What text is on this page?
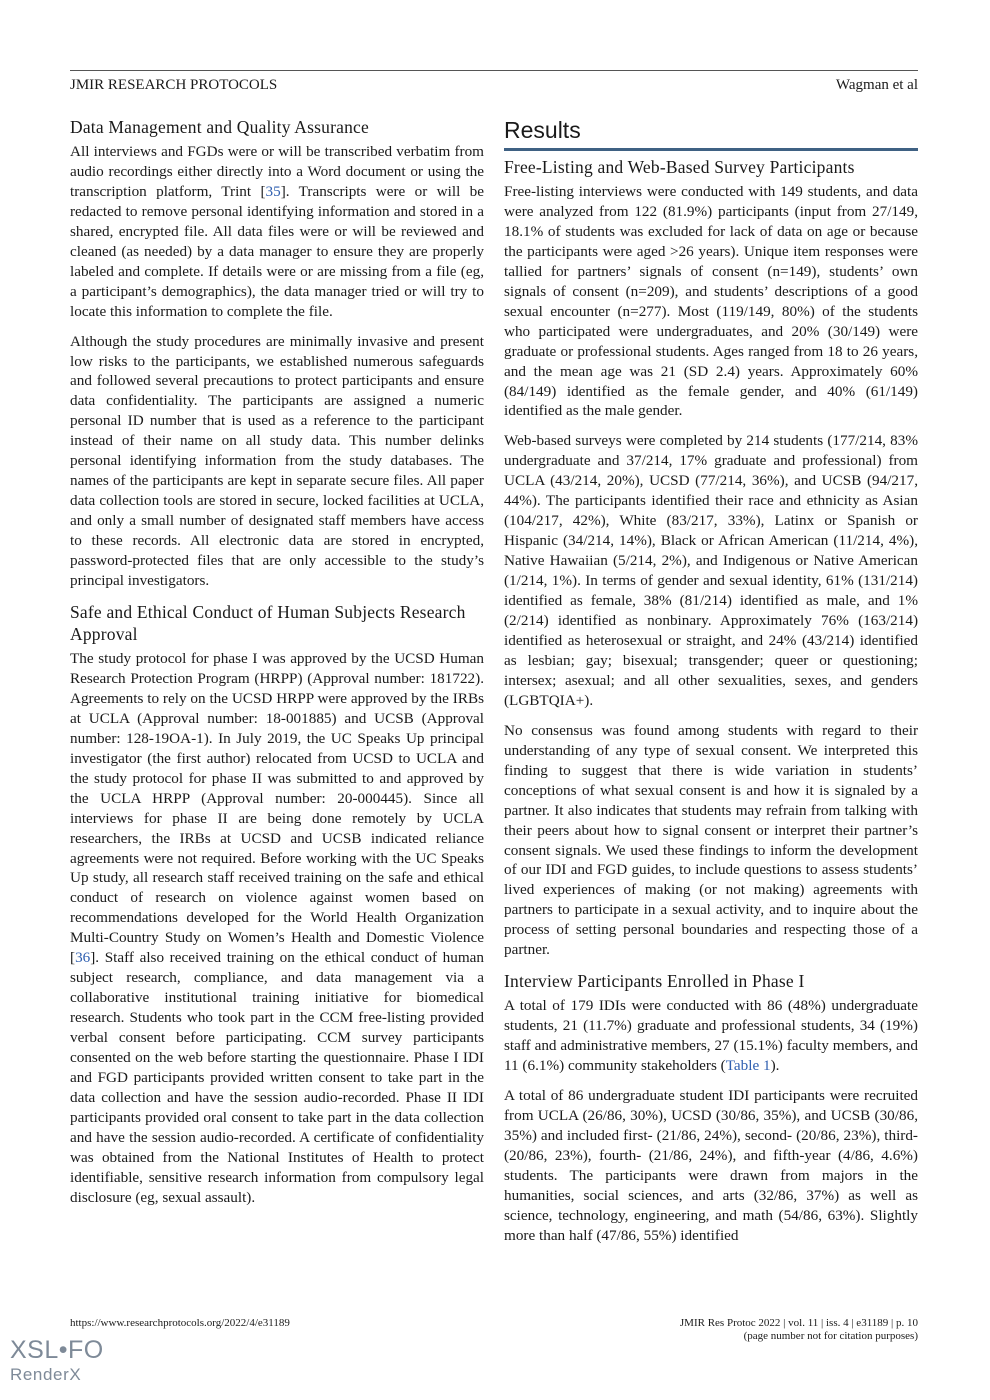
JMIR RESEARCH PROTOCOLS	Wagman et al
Data Management and Quality Assurance

All interviews and FGDs were or will be transcribed verbatim from audio recordings either directly into a Word document or using the transcription platform, Trint [35]. Transcripts were or will be redacted to remove personal identifying information and stored in a shared, encrypted file. All data files were or will be reviewed and cleaned (as needed) by a data manager to ensure they are properly labeled and complete. If details were or are missing from a file (eg, a participant’s demographics), the data manager tried or will try to locate this information to complete the file.

Although the study procedures are minimally invasive and present low risks to the participants, we established numerous safeguards and followed several precautions to protect participants and ensure data confidentiality. The participants are assigned a numeric personal ID number that is used as a reference to the participant instead of their name on all study data. This number delinks personal identifying information from the study databases. The names of the participants are kept in separate secure files. All paper data collection tools are stored in secure, locked facilities at UCLA, and only a small number of designated staff members have access to these records. All electronic data are stored in encrypted, password-protected files that are only accessible to the study’s principal investigators.

Safe and Ethical Conduct of Human Subjects Research Approval

The study protocol for phase I was approved by the UCSD Human Research Protection Program (HRPP) (Approval number: 181722). Agreements to rely on the UCSD HRPP were approved by the IRBs at UCLA (Approval number: 18-001885) and UCSB (Approval number: 128-19OA-1). In July 2019, the UC Speaks Up principal investigator (the first author) relocated from UCSD to UCLA and the study protocol for phase II was submitted to and approved by the UCLA HRPP (Approval number: 20-000445). Since all interviews for phase II are being done remotely by UCLA researchers, the IRBs at UCSD and UCSB indicated reliance agreements were not required. Before working with the UC Speaks Up study, all research staff received training on the safe and ethical conduct of research on violence against women based on recommendations developed for the World Health Organization Multi-Country Study on Women’s Health and Domestic Violence [36]. Staff also received training on the ethical conduct of human subject research, compliance, and data management via a collaborative institutional training initiative for biomedical research. Students who took part in the CCM free-listing provided verbal consent before participating. CCM survey participants consented on the web before starting the questionnaire. Phase I IDI and FGD participants provided written consent to take part in the data collection and have the session audio-recorded. Phase II IDI participants provided oral consent to take part in the data collection and have the session audio-recorded. A certificate of confidentiality was obtained from the National Institutes of Health to protect identifiable, sensitive research information from compulsory legal disclosure (eg, sexual assault).

Results
Free-Listing and Web-Based Survey Participants

Free-listing interviews were conducted with 149 students, and data were analyzed from 122 (81.9%) participants (input from 27/149, 18.1% of students was excluded for lack of data on age or because the participants were aged >26 years). Unique item responses were tallied for partners’ signals of consent (n=149), students’ own signals of consent (n=209), and students’ descriptions of a good sexual encounter (n=277). Most (119/149, 80%) of the students who participated were undergraduates, and 20% (30/149) were graduate or professional students. Ages ranged from 18 to 26 years, and the mean age was 21 (SD 2.4) years. Approximately 60% (84/149) identified as the female gender, and 40% (61/149) identified as the male gender.

Web-based surveys were completed by 214 students (177/214, 83% undergraduate and 37/214, 17% graduate and professional) from UCLA (43/214, 20%), UCSD (77/214, 36%), and UCSB (94/217, 44%). The participants identified their race and ethnicity as Asian (104/217, 42%), White (83/217, 33%), Latinx or Spanish or Hispanic (34/214, 14%), Black or African American (11/214, 4%), Native Hawaiian (5/214, 2%), and Indigenous or Native American (1/214, 1%). In terms of gender and sexual identity, 61% (131/214) identified as female, 38% (81/214) identified as male, and 1% (2/214) identified as nonbinary. Approximately 76% (163/214) identified as heterosexual or straight, and 24% (43/214) identified as lesbian; gay; bisexual; transgender; queer or questioning; intersex; asexual; and all other sexualities, sexes, and genders (LGBTQIA+).

No consensus was found among students with regard to their understanding of any type of sexual consent. We interpreted this finding to suggest that there is wide variation in students’ conceptions of what sexual consent is and how it is signaled by a partner. It also indicates that students may refrain from talking with their peers about how to signal consent or interpret their partner’s consent signals. We used these findings to inform the development of our IDI and FGD guides, to include questions to assess students’ lived experiences of making (or not making) agreements with partners to participate in a sexual activity, and to inquire about the process of setting personal boundaries and respecting those of a partner.

Interview Participants Enrolled in Phase I

A total of 179 IDIs were conducted with 86 (48%) undergraduate students, 21 (11.7%) graduate and professional students, 34 (19%) staff and administrative members, 27 (15.1%) faculty members, and 11 (6.1%) community stakeholders (Table 1).

A total of 86 undergraduate student IDI participants were recruited from UCLA (26/86, 30%), UCSD (30/86, 35%), and UCSB (30/86, 35%) and included first- (21/86, 24%), second- (20/86, 23%), third- (20/86, 23%), fourth- (21/86, 24%), and fifth-year (4/86, 4.6%) students. The participants were drawn from majors in the humanities, social sciences, and arts (32/86, 37%) as well as science, technology, engineering, and math (54/86, 63%). Slightly more than half (47/86, 55%) identified

https://www.researchprotocols.org/2022/4/e31189	JMIR Res Protoc 2022 | vol. 11 | iss. 4 | e31189 | p. 10
(page number not for citation purposes)
XSL•FO
RenderX
